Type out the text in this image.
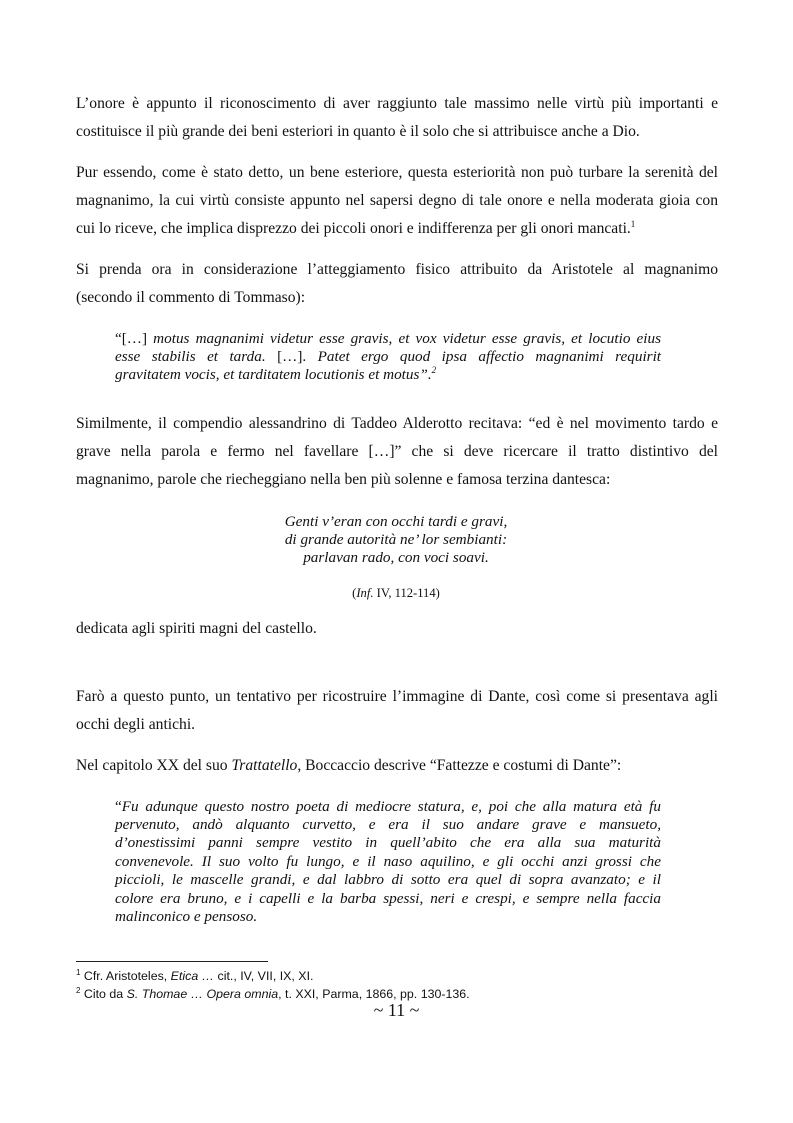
L’onore è appunto il riconoscimento di aver raggiunto tale massimo nelle virtù più importanti e
costituisce il più grande dei beni esteriori in quanto è il solo che si attribuisce anche a Dio.
Pur essendo, come è stato detto, un bene esteriore, questa esteriorità non può turbare la serenità del
magnanimo, la cui virtù consiste appunto nel sapersi degno di tale onore e nella moderata gioia con
cui lo riceve, che implica disprezzo dei piccoli onori e indifferenza per gli onori mancati.$^1$
Si prenda ora in considerazione l’atteggiamento fisico attribuito da Aristotele al magnanimo
(secondo il commento di Tommaso):
“[…] motus magnanimi videtur esse gravis, et vox videtur esse gravis, et locutio eius
esse stabilis et tarda. […]. Patet ergo quod ipsa affectio magnanimi requirit
gravitatem vocis, et tarditatem locutionis et motus”.$^2$
Similmente, il compendio alessandrino di Taddeo Alderotto recitava: “ed è nel movimento tardo e
grave nella parola e fermo nel favellare […]” che si deve ricercare il tratto distintivo del
magnanimo, parole che riecheggiano nella ben più solenne e famosa terzina dantesca:
Genti v’eran con occhi tardi e gravi,
di grande autorità ne’ lor sembianti:
parlavan rado, con voci soavi.
(Inf. IV, 112-114)
dedicata agli spiriti magni del castello.
Farò a questo punto, un tentativo per ricostruire l’immagine di Dante, così come si presentava agli
occhi degli antichi.
Nel capitolo XX del suo Trattatello, Boccaccio descrive “Fattezze e costumi di Dante”:
“Fu adunque questo nostro poeta di mediocre statura, e, poi che alla matura età fu
pervenuto, andò alquanto curvetto, e era il suo andare grave e mansueto,
d’onestissimi panni sempre vestito in quell’abito che era alla sua maturità
convenevole. Il suo volto fu lungo, e il naso aquilino, e gli occhi anzi grossi che
piccioli, le mascelle grandi, e dal labbro di sotto era quel di sopra avanzato; e il
colore era bruno, e i capelli e la barba spessi, neri e crespi, e sempre nella faccia
malinconico e pensoso.
$^1$ Cfr. Aristoteles, Etica … cit., IV, VII, IX, XI.
$^2$ Cito da S. Thomae … Opera omnia, t. XXI, Parma, 1866, pp. 130-136.
~ 11 ~
